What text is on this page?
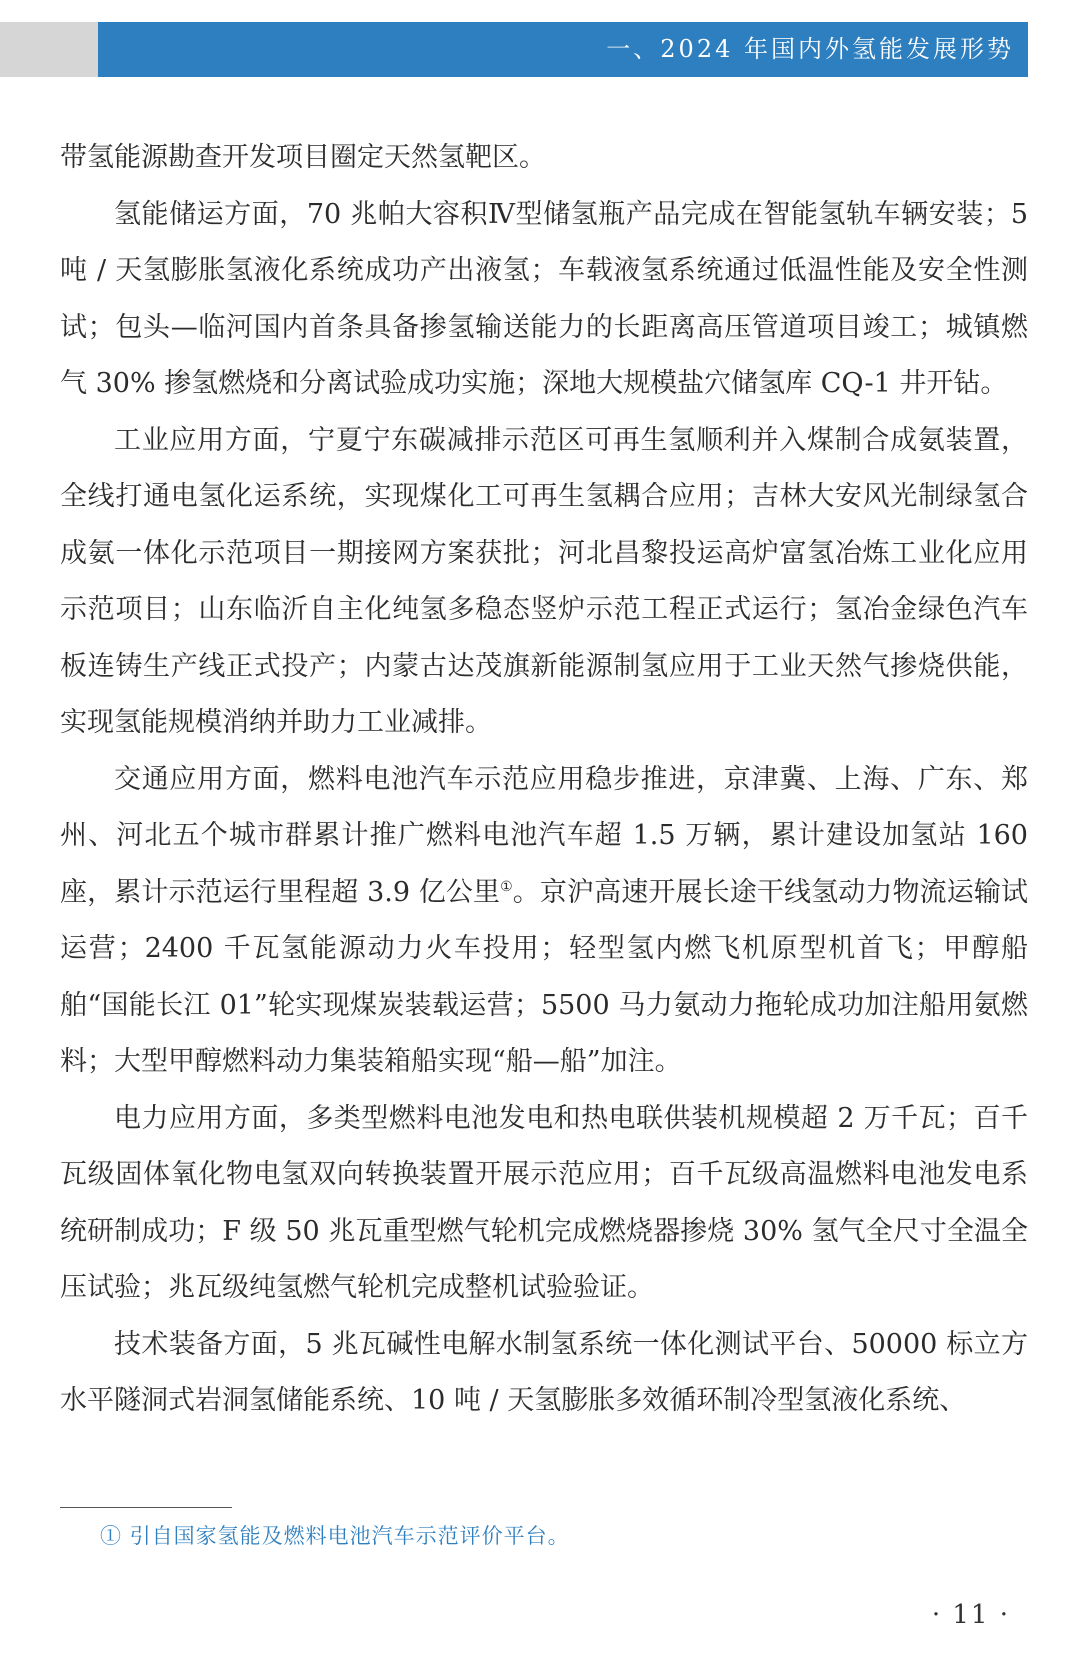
一、2024 年国内外氢能发展形势

带氢能源勘查开发项目圈定天然氢靶区。

氢能储运方面，70 兆帕大容积Ⅳ型储氢瓶产品完成在智能氢轨车辆安装；5 吨 / 天氢膨胀氢液化系统成功产出液氢；车载液氢系统通过低温性能及安全性测试；包头—临河国内首条具备掺氢输送能力的长距离高压管道项目竣工；城镇燃气 30% 掺氢燃烧和分离试验成功实施；深地大规模盐穴储氢库 CQ-1 井开钻。

工业应用方面，宁夏宁东碳减排示范区可再生氢顺利并入煤制合成氨装置，全线打通电氢化运系统，实现煤化工可再生氢耦合应用；吉林大安风光制绿氢合成氨一体化示范项目一期接网方案获批；河北昌黎投运高炉富氢冶炼工业化应用示范项目；山东临沂自主化纯氢多稳态竖炉示范工程正式运行；氢冶金绿色汽车板连铸生产线正式投产；内蒙古达茂旗新能源制氢应用于工业天然气掺烧供能，实现氢能规模消纳并助力工业减排。

交通应用方面，燃料电池汽车示范应用稳步推进，京津冀、上海、广东、郑州、河北五个城市群累计推广燃料电池汽车超 1.5 万辆，累计建设加氢站 160 座，累计示范运行里程超 3.9 亿公里①。京沪高速开展长途干线氢动力物流运输试运营；2400 千瓦氢能源动力火车投用；轻型氢内燃飞机原型机首飞；甲醇船舶“国能长江 01”轮实现煤炭装载运营；5500 马力氨动力拖轮成功加注船用氨燃料；大型甲醇燃料动力集装箱船实现“船—船”加注。

电力应用方面，多类型燃料电池发电和热电联供装机规模超 2 万千瓦；百千瓦级固体氧化物电氢双向转换装置开展示范应用；百千瓦级高温燃料电池发电系统研制成功；F 级 50 兆瓦重型燃气轮机完成燃烧器掺烧 30% 氢气全尺寸全温全压试验；兆瓦级纯氢燃气轮机完成整机试验验证。

技术装备方面，5 兆瓦碱性电解水制氢系统一体化测试平台、50000 标立方水平隧洞式岩洞氢储能系统、10 吨 / 天氢膨胀多效循环制冷型氢液化系统、

① 引自国家氢能及燃料电池汽车示范评价平台。
· 11 ·
